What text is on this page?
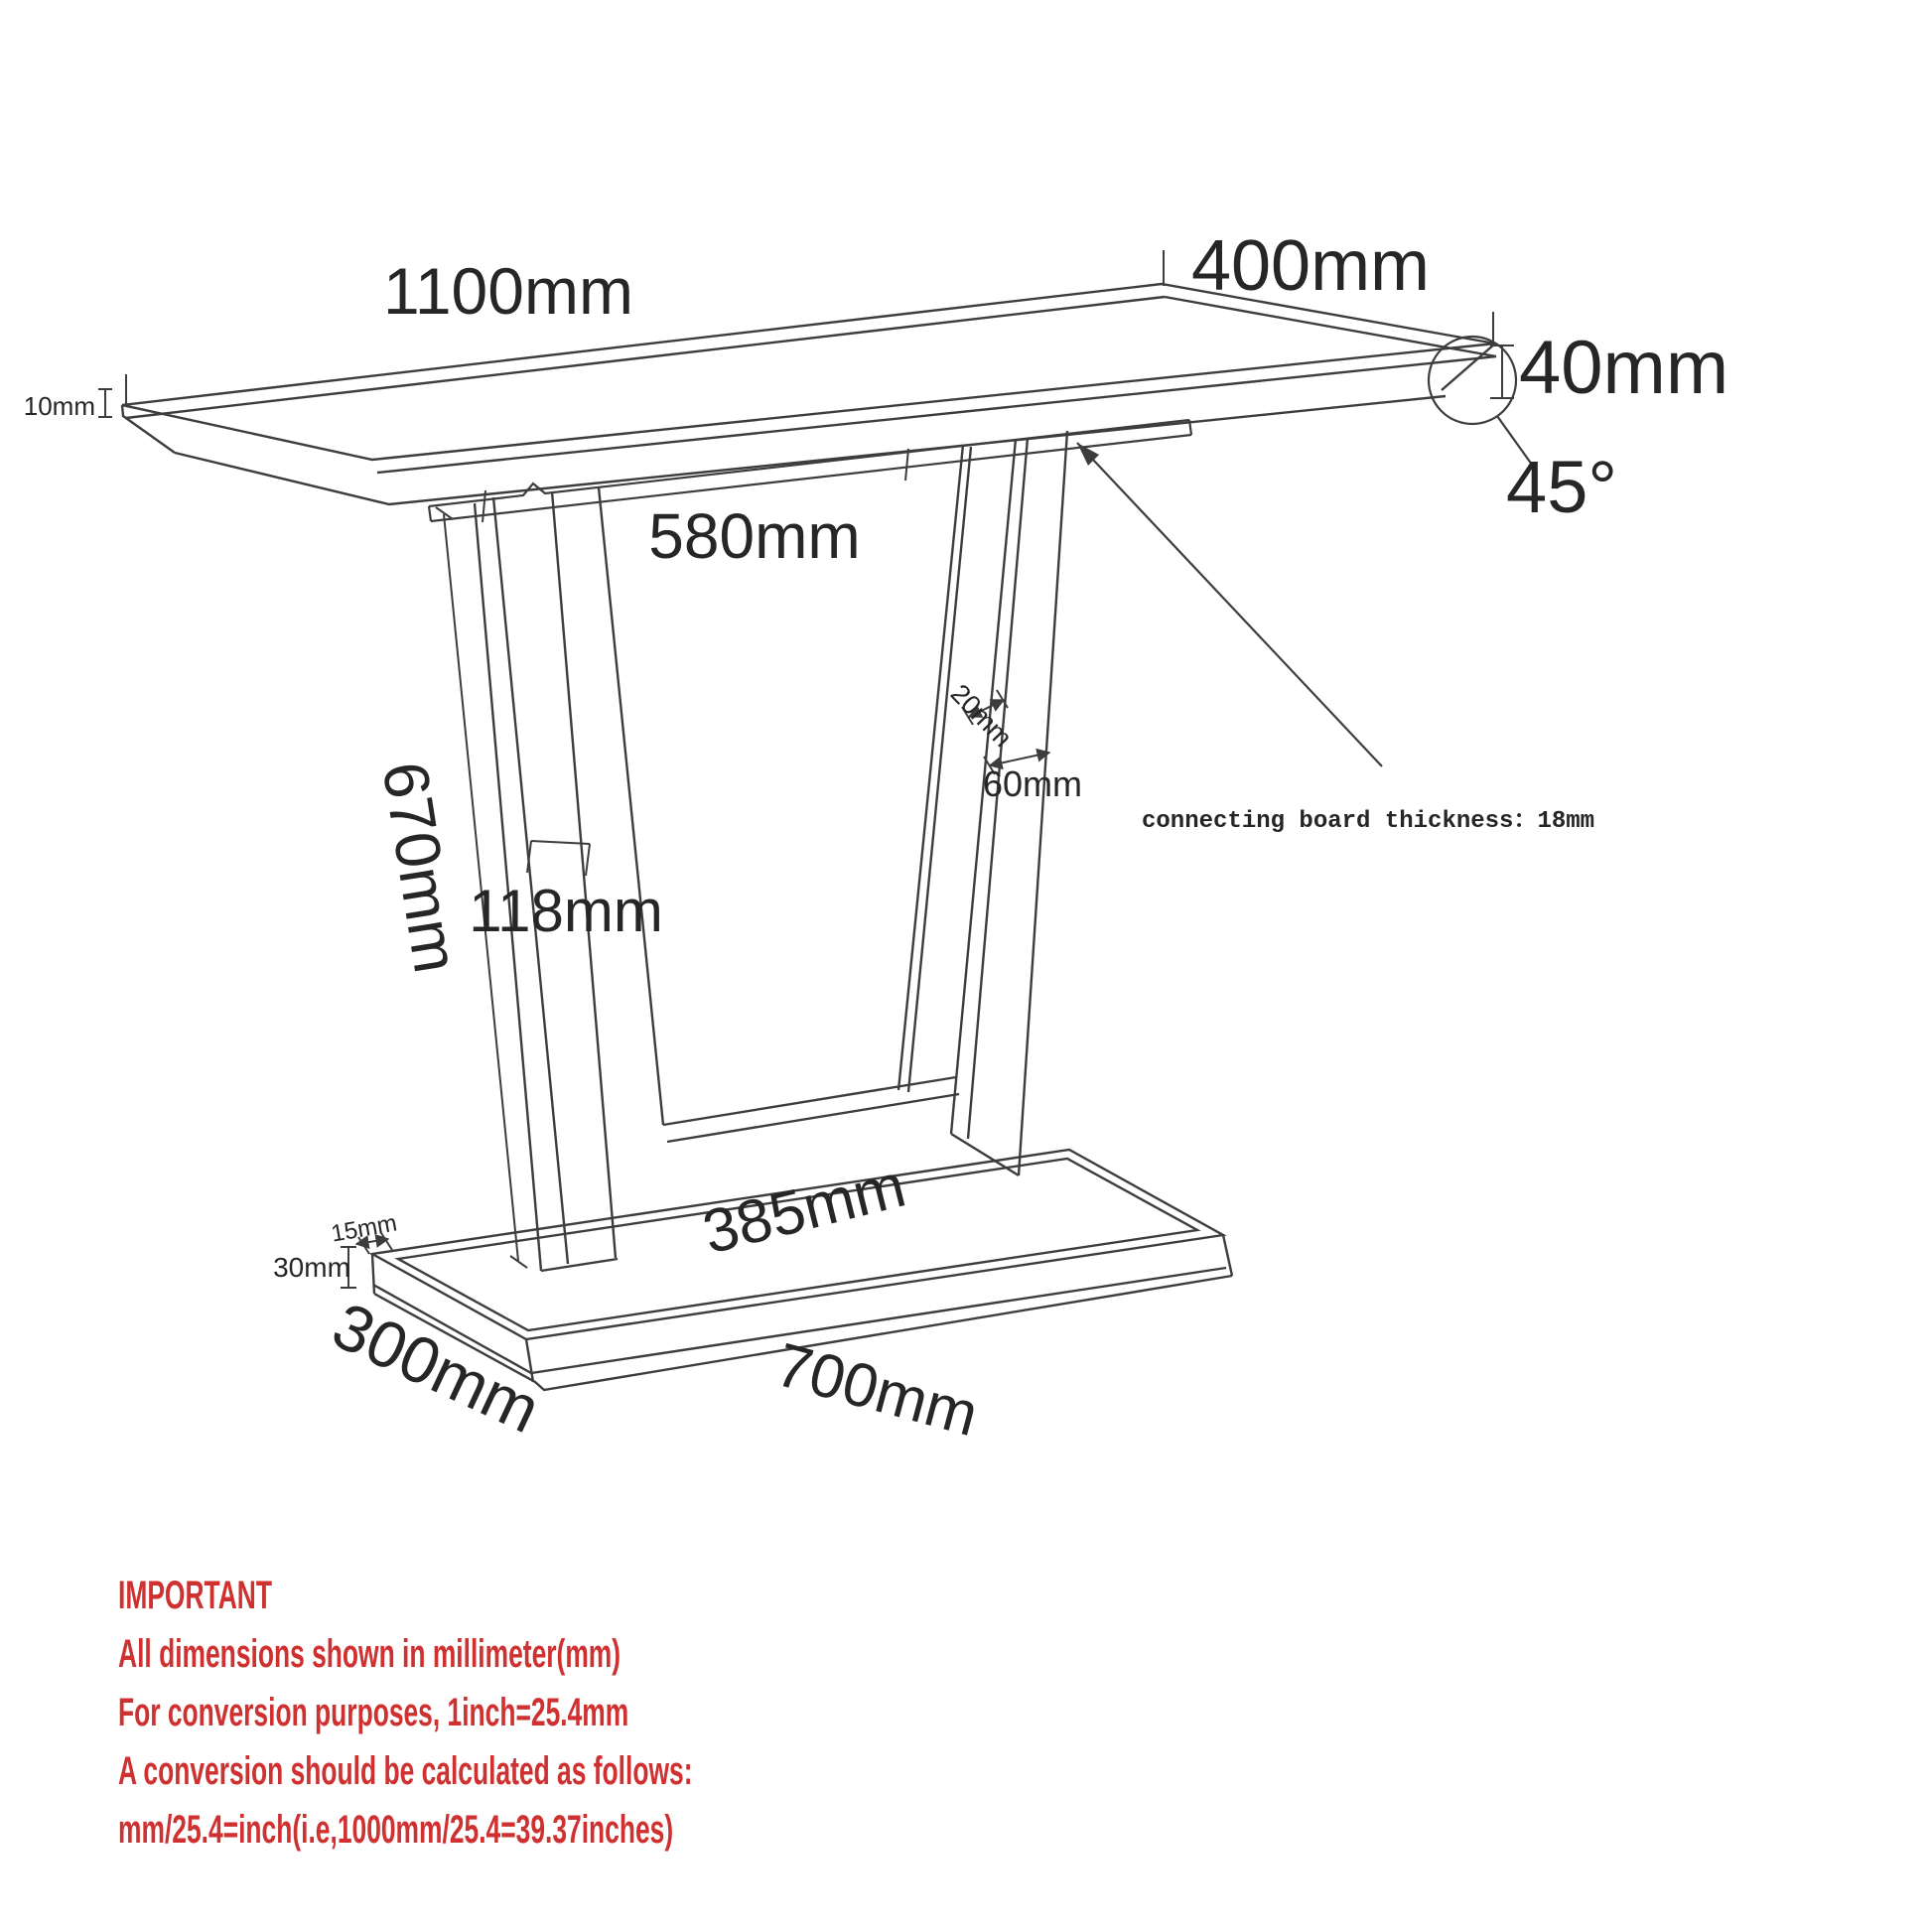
1100mm	400mm
40mm
45°
10mm
580mm
670mm
118mm
20mm
60mm
connecting board thickness：18mm
385mm
15mm
30mm
300mm	700mm
IMPORTANT
All dimensions shown in millimeter(mm)
For conversion purposes, 1inch=25.4mm
A conversion should be calculated as follows:
mm/25.4=inch(i.e,1000mm/25.4=39.37inches)
